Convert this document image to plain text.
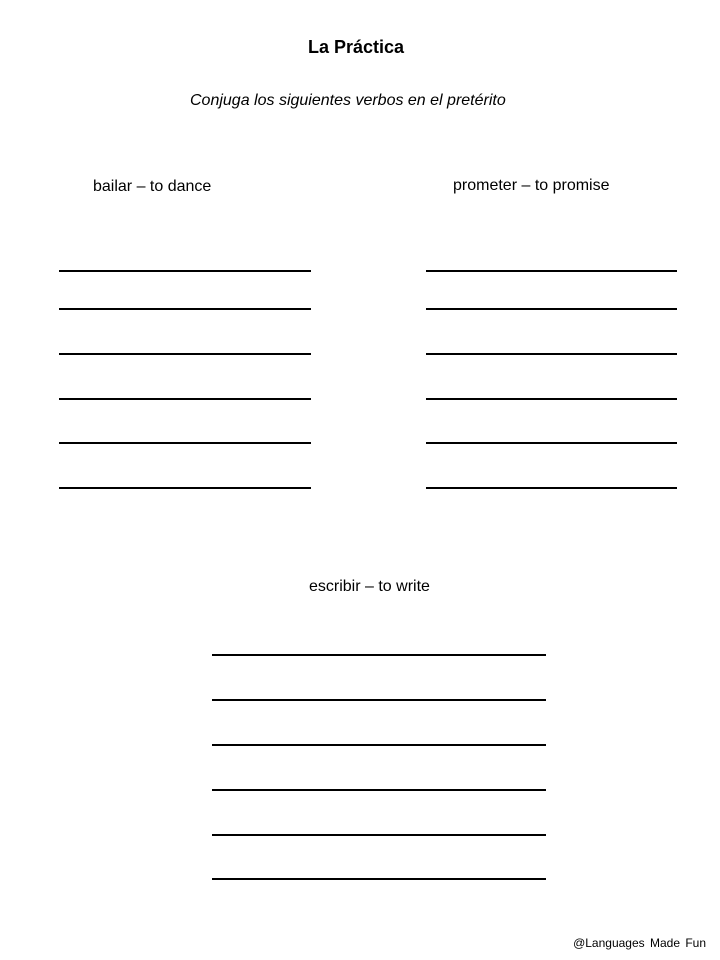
La Práctica
Conjuga los siguientes verbos en el pretérito
bailar – to dance	prometer – to promise
escribir – to write
@Languages Made Fun
